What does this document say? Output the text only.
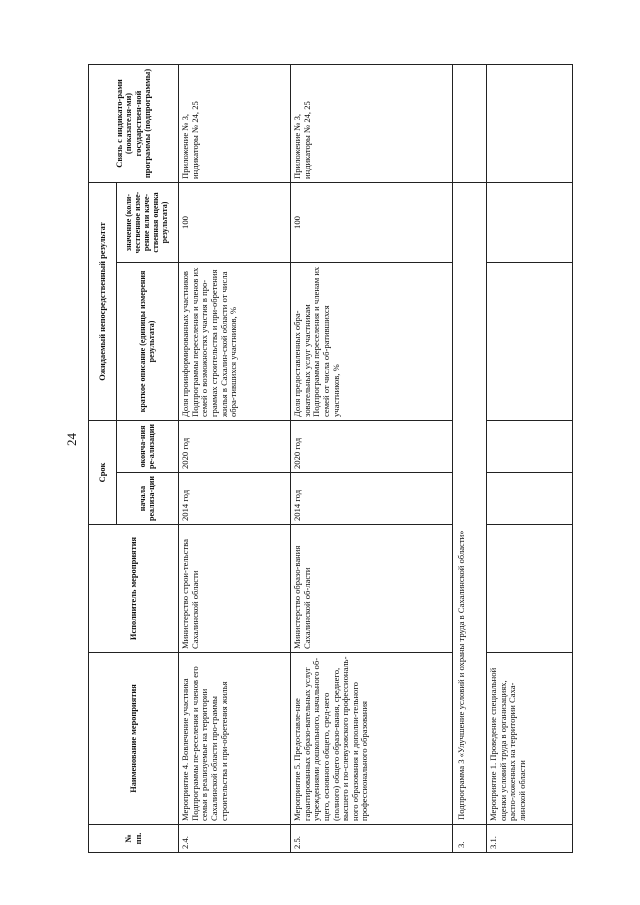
24
№ пп.	Наименование мероприятия	Исполнитель мероприятия	Срок		Ожидаемый непосредственный результат		Связь с индикато-рами (показателя-ми) государствен-ной программы (подпрограммы)
			начала реализа-ции	оконча-ния ре-ализации	краткое описание (единицы измерения результата)	значение (коли-чественное изме-рение или каче-ственная оценка результата)	
2.4.	Мероприятие 4. Вовлечение участника Подпрограммы пе-реселения и членов его семьи в реализуемые на территории Сахалинской области про-граммы строительства и при-обретения жилья	Министерство строи-тельства Сахалинской области	2014 год	2020 год	Доля проинформированных участников Подпрограммы переселения и членов их семей о возможностях участия в про-граммах строительства и при-обретения жилья в Сахалин-ской области от числа обра-тившихся участников, %	100	Приложение № 3, индикаторы № 24, 25
2.5.	Мероприятие 5. Предоставле-ние гарантированных образо-вательных услуг учреждениями дошкольного, начального об-щего, основного общего, сред-него (полного) общего образо-вания, среднего, высшего и по-слевузовского профессиональ-ного образования и дополни-тельного профессионального образования	Министерство образо-вания Сахалинской об-ласти	2014 год	2020 год	Доля предоставленных обра-зовательных услуг участникам Подпрограммы переселения и членам их семей от числа об-ратившихся участников, %	100	Приложение № 3, индикаторы № 24, 25
3.	Подпрограмма 3 «Улучшение условий и охраны труда в Сахалинской области»						
3.1.	Мероприятие 1. Проведение специальной оценки условий труда в организациях, распо-ложенных на территории Саха-линской области						
